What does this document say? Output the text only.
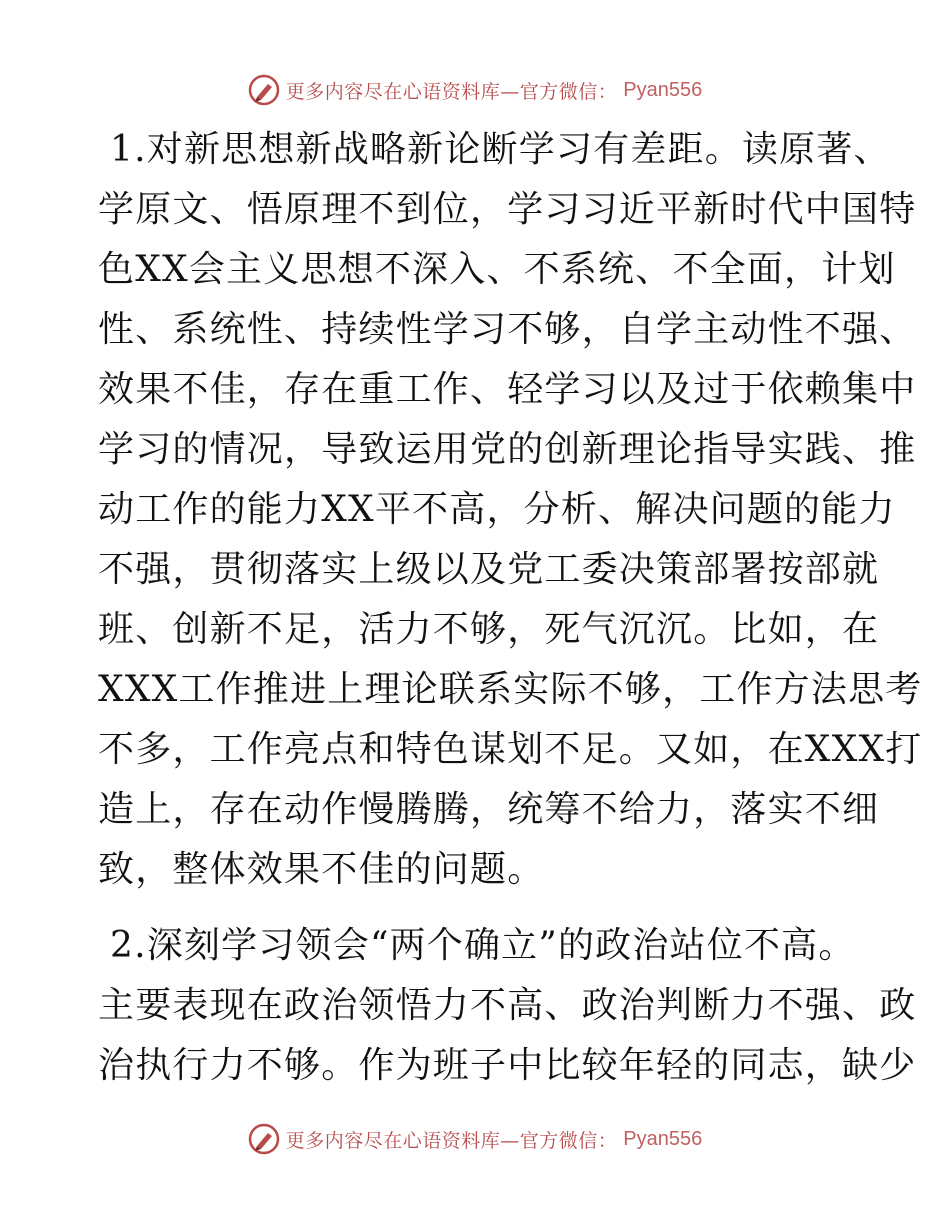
更多内容尽在心语资料库—官方微信： Pyan556
1.对新思想新战略新论断学习有差距。读原著、
学原文、悟原理不到位，学习习近平新时代中国特
色XX会主义思想不深入、不系统、不全面，计划
性、系统性、持续性学习不够，自学主动性不强、
效果不佳，存在重工作、轻学习以及过于依赖集中
学习的情况，导致运用党的创新理论指导实践、推
动工作的能力XX平不高，分析、解决问题的能力
不强，贯彻落实上级以及党工委决策部署按部就
班、创新不足，活力不够，死气沉沉。比如，在
XXX工作推进上理论联系实际不够，工作方法思考
不多，工作亮点和特色谋划不足。又如，在XXX打
造上，存在动作慢腾腾，统筹不给力，落实不细
致，整体效果不佳的问题。
2.深刻学习领会“两个确立”的政治站位不高。
主要表现在政治领悟力不高、政治判断力不强、政
治执行力不够。作为班子中比较年轻的同志，缺少
更多内容尽在心语资料库—官方微信： Pyan556
